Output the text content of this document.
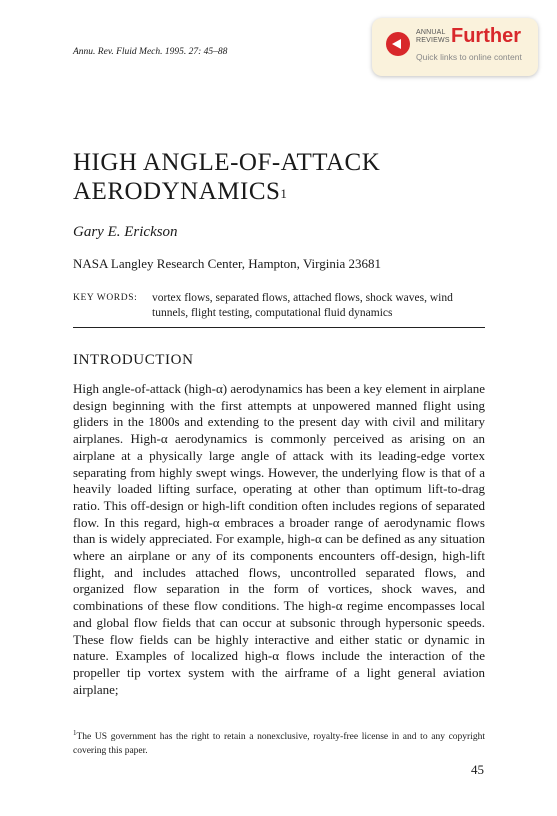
Annu. Rev. Fluid Mech. 1995. 27: 45–88
ANNUAL
REVIEWS Further
Quick links to online content
HIGH ANGLE-OF-ATTACK AERODYNAMICS$^1$
Gary E. Erickson
NASA Langley Research Center, Hampton, Virginia 23681
KEY WORDS: vortex flows, separated flows, attached flows, shock waves, wind tunnels, flight testing, computational fluid dynamics
INTRODUCTION
High angle-of-attack (high-α) aerodynamics has been a key element in airplane design beginning with the first attempts at unpowered manned flight using gliders in the 1800s and extending to the present day with civil and military airplanes. High-α aerodynamics is commonly perceived as arising on an airplane at a physically large angle of attack with its leading-edge vortex separating from highly swept wings. However, the underlying flow is that of a heavily loaded lifting surface, operating at other than optimum lift-to-drag ratio. This off-design or high-lift condition often includes regions of separated flow. In this regard, high-α embraces a broader range of aerodynamic flows than is widely appreciated. For example, high-α can be defined as any situation where an airplane or any of its components encounters off-design, high-lift flight, and includes attached flows, uncontrolled separated flows, and organized flow separation in the form of vortices, shock waves, and combinations of these flow conditions. The high-α regime encompasses local and global flow fields that can occur at subsonic through hypersonic speeds. These flow fields can be highly interactive and either static or dynamic in nature. Examples of localized high-α flows include the interaction of the propeller tip vortex system with the airframe of a light general aviation airplane;
$^1$The US government has the right to retain a nonexclusive, royalty-free license in and to any copyright covering this paper.
45
